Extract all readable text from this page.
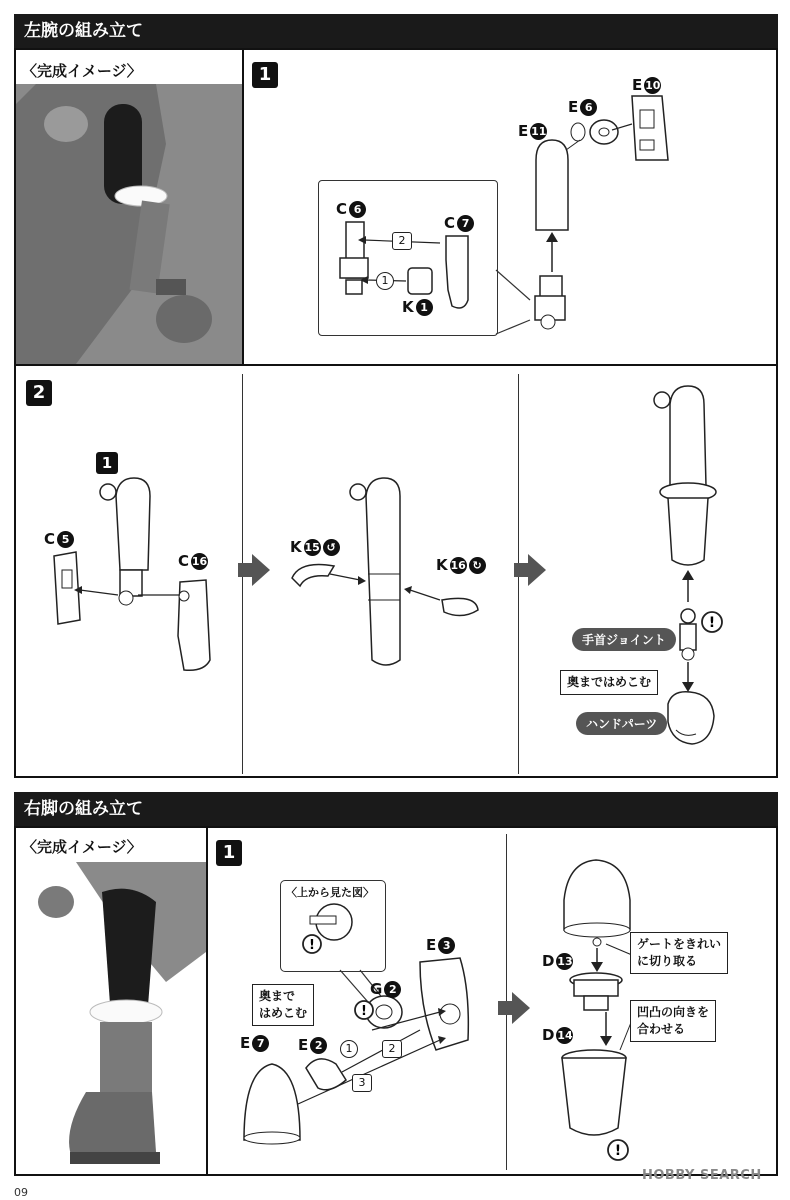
左腕の組み立て
〈完成イメージ〉	1	E 10
E 6
E 11
C 6
C 7
K 1
2
1
2
1
!
C 5
C 16
K 15 ↺
K 16 ↻
手首ジョイント
奥まではめこむ
ハンドパーツ
右脚の組み立て
〈完成イメージ〉	1
〈上から見た図〉
!
!
!
奥まで
はめこむ
E 3
G 2
E 2
E 7	1	2
3
D 13
D 14
ゲートをきれい
に切り取る
凹凸の向きを
合わせる
09
HOBBY SEARCH
